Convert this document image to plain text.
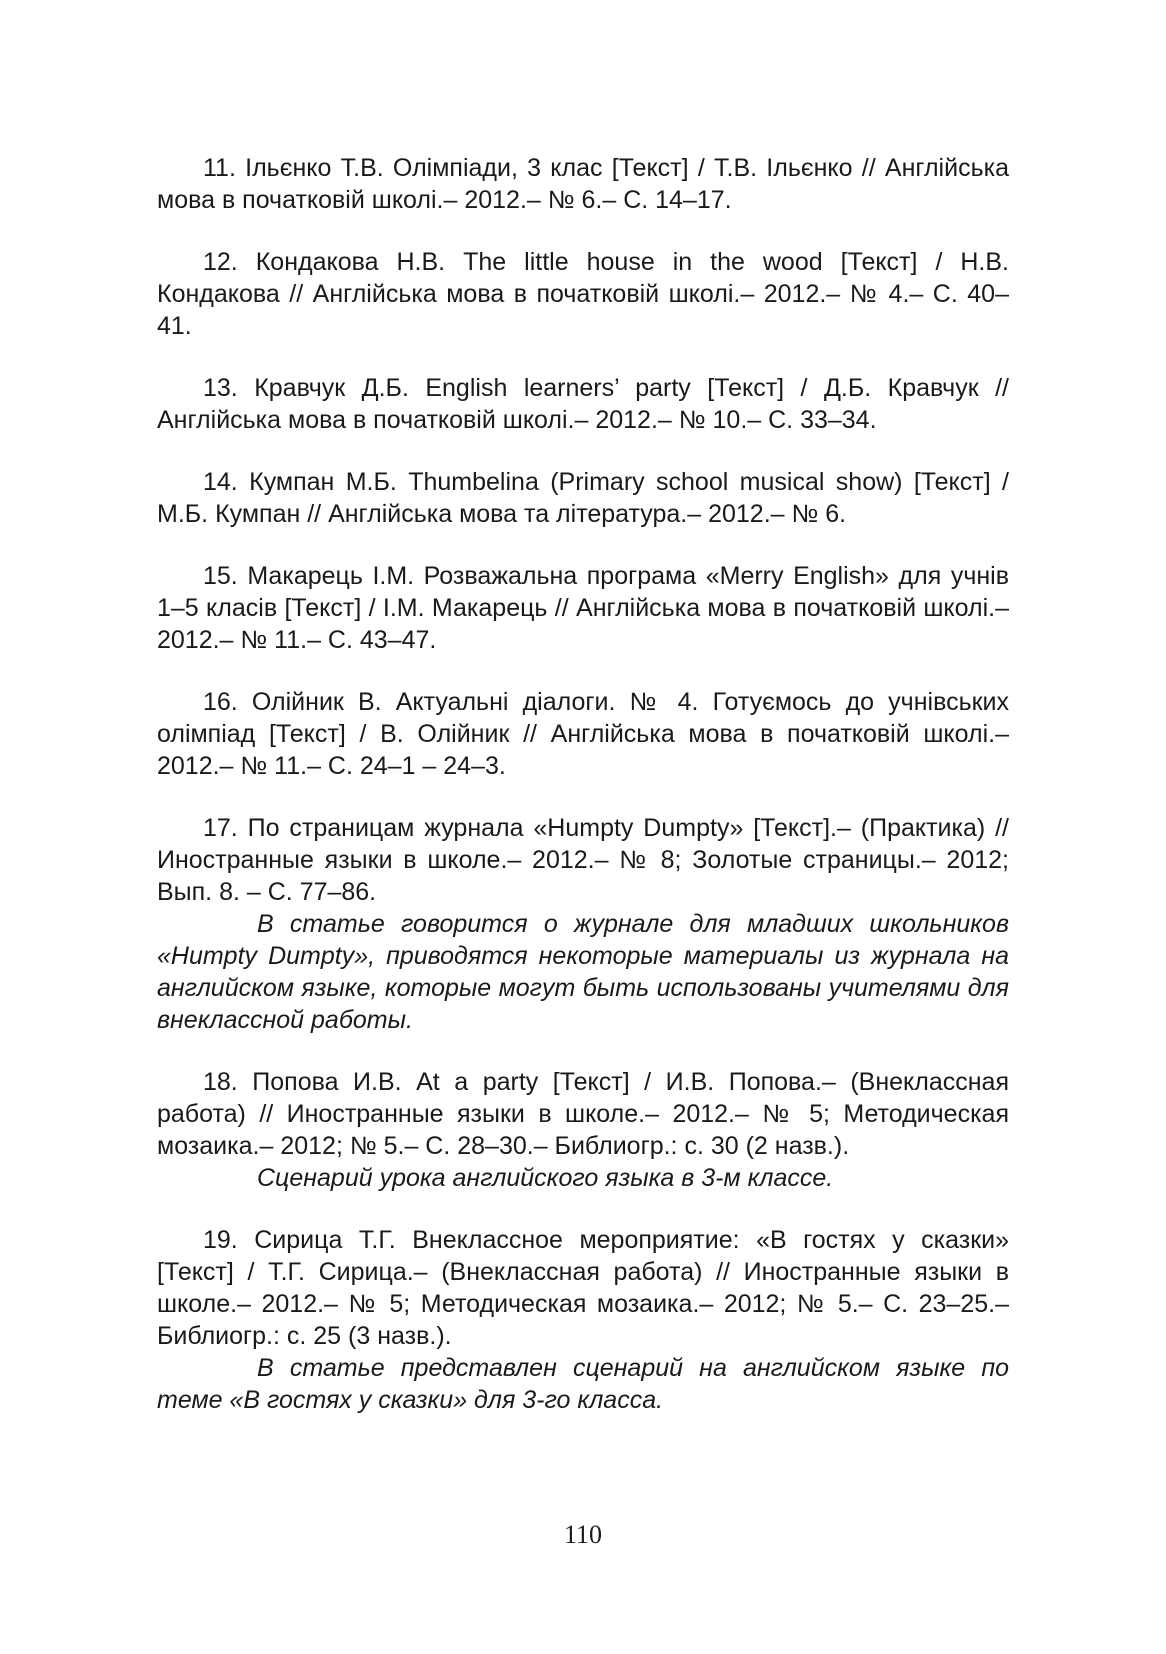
11. Ільєнко Т.В. Олімпіади, 3 клас [Текст] / Т.В. Ільєнко // Англійська мова в початковій школі.– 2012.– № 6.– С. 14–17.

12. Кондакова Н.В. The little house in the wood [Текст] / Н.В. Кондакова // Англійська мова в початковій школі.– 2012.– № 4.– С. 40–41.

13. Кравчук Д.Б. English learners’ party [Текст] / Д.Б. Кравчук // Англійська мова в початковій школі.– 2012.– № 10.– С. 33–34.

14. Кумпан М.Б. Thumbelina (Primary school musical show) [Текст] / М.Б. Кумпан // Англійська мова та література.– 2012.– № 6.

15. Макарець І.М. Розважальна програма «Merry English» для учнів 1–5 класів [Текст] / І.М. Макарець // Англійська мова в початковій школі.– 2012.– № 11.– С. 43–47.

16. Олійник В. Актуальні діалоги. № 4. Готуємось до учнівських олімпіад [Текст] / В. Олійник // Англійська мова в початковій школі.– 2012.– № 11.– С. 24–1 – 24–3.

17. По страницам журнала «Humpty Dumpty» [Текст].– (Практика) // Иностранные языки в школе.– 2012.– № 8; Золотые страницы.– 2012; Вып. 8. – С. 77–86.

В статье говорится о журнале для младших школьников «Humpty Dumpty», приводятся некоторые материалы из журнала на английском языке, которые могут быть использованы учителями для внеклассной работы.

18. Попова И.В. At a party [Текст] / И.В. Попова.– (Внеклассная работа) // Иностранные языки в школе.– 2012.– № 5; Методическая мозаика.– 2012; № 5.– С. 28–30.– Библиогр.: с. 30 (2 назв.).

Сценарий урока английского языка в 3-м классе.

19. Сирица Т.Г. Внеклассное мероприятие: «В гостях у сказки» [Текст] / Т.Г. Сирица.– (Внеклассная работа) // Иностранные языки в школе.– 2012.– № 5; Методическая мозаика.– 2012; № 5.– С. 23–25.– Библиогр.: с. 25 (3 назв.).

В статье представлен сценарий на английском языке по теме «В гостях у сказки» для 3-го класса.

110
